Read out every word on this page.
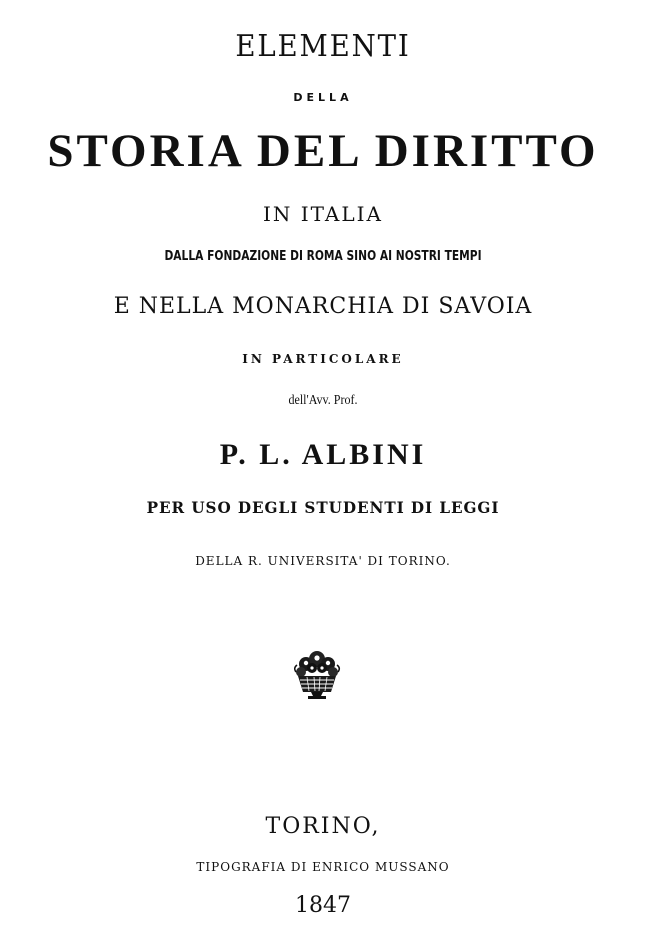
ELEMENTI
DELLA
STORIA DEL DIRITTO
IN ITALIA
DALLA FONDAZIONE DI ROMA SINO AI NOSTRI TEMPI
E NELLA MONARCHIA DI SAVOIA
IN PARTICOLARE
dell'Avv. Prof.
P. L. ALBINI
PER USO DEGLI STUDENTI DI LEGGI
DELLA R. UNIVERSITA' DI TORINO.
TORINO,
TIPOGRAFIA DI ENRICO MUSSANO
1847
